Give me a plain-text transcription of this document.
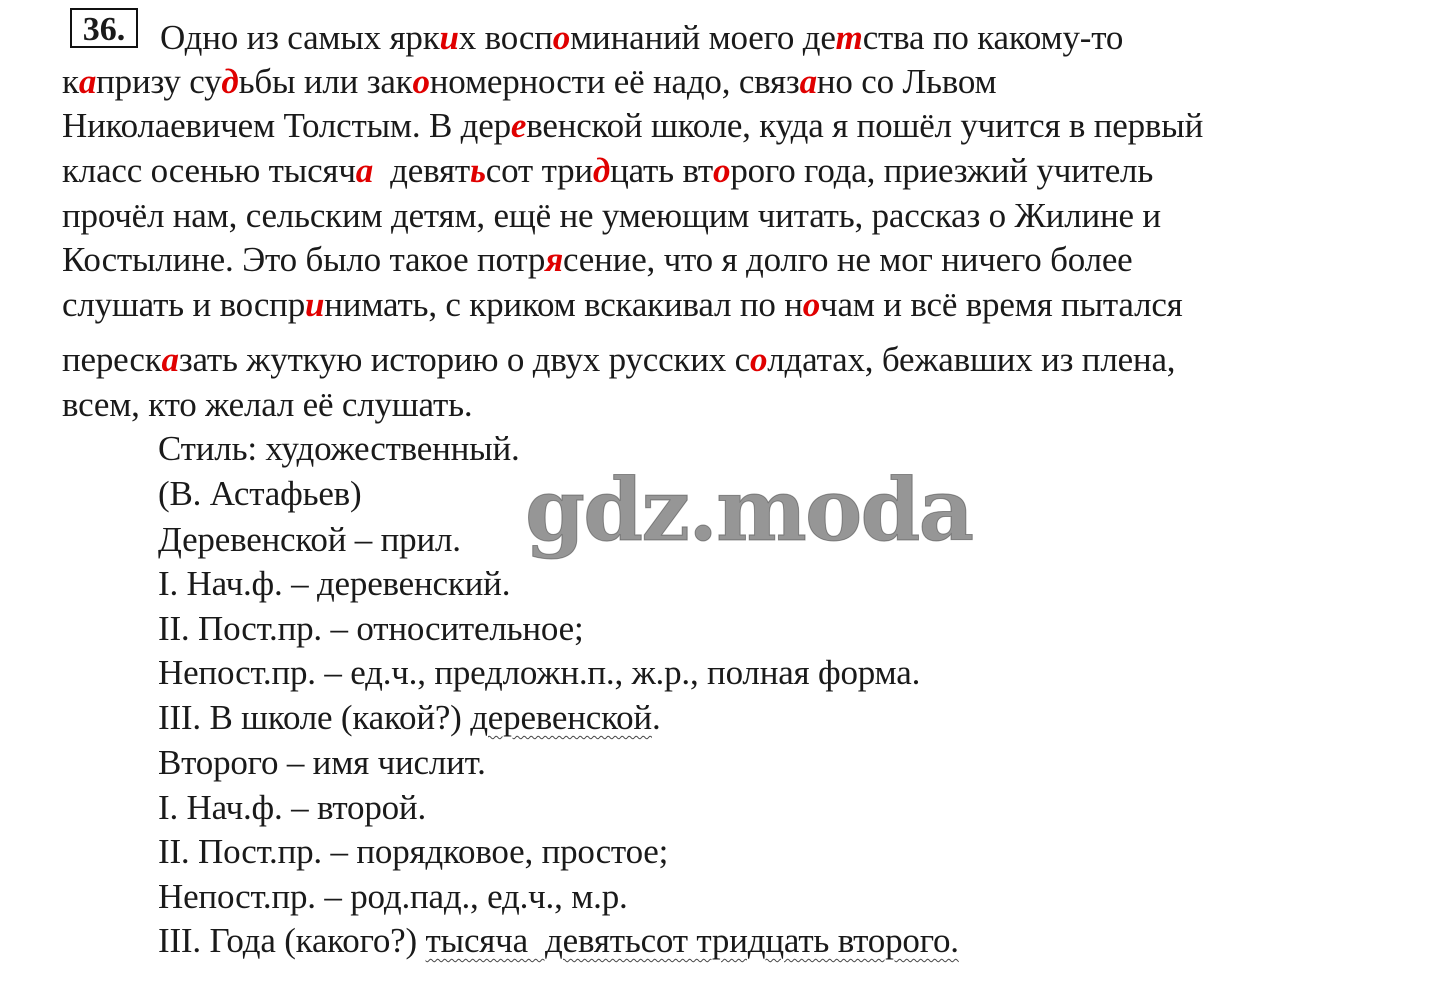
36. Одно из самых ярких воспоминаний моего детства по какому-то
капризу судьбы или закономерности её надо, связано со Львом
Николаевичем Толстым. В деревенской школе, куда я пошёл учится в первый
класс осенью тысяча  девятьсот тридцать второго года, приезжий учитель
прочёл нам, сельским детям, ещё не умеющим читать, рассказ о Жилине и
Костылине. Это было такое потрясение, что я долго не мог ничего более
слушать и воспринимать, с криком вскакивал по ночам и всё время пытался
пересказать жуткую историю о двух русских солдатах, бежавших из плена,
всем, кто желал её слушать.
Стиль: художественный.
(В. Астафьев)
Деревенской – прил.
I. Нач.ф. – деревенский.
II. Пост.пр. – относительное;
Непост.пр. – ед.ч., предложн.п., ж.р., полная форма.
III. В школе (какой?) деревенской.
Второго – имя числит.
I. Нач.ф. – второй.
II. Пост.пр. – порядковое, простое;
Непост.пр. – род.пад., ед.ч., м.р.
III. Года (какого?) тысяча  девятьсот тридцать второго.
gdz.moda
